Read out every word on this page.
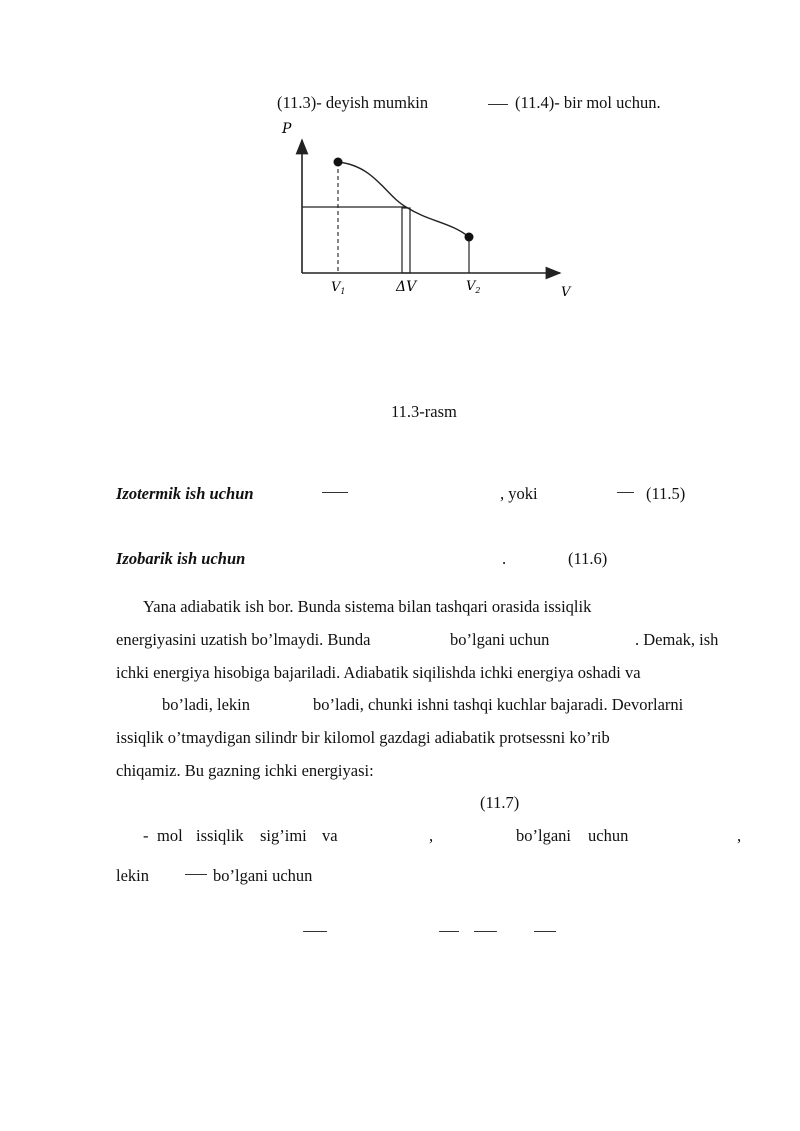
(11.3)- deyish mumkin	(11.4)- bir mol uchun.
P
V
$V_1$	ΔV	$V_2$
11.3-rasm
Izotermik ish uchun	, yoki	(11.5)
Izobarik ish uchun	.	(11.6)
Yana adiabatik ish bor. Bunda sistema bilan tashqari orasida issiqlik
energiyasini uzatish bo’lmaydi. Bunda	bo’lgani uchun	. Demak, ish
ichki energiya hisobiga bajariladi. Adiabatik siqilishda ichki energiya oshadi va
bo’ladi, lekin	bo’ladi, chunki ishni tashqi kuchlar bajaradi. Devorlarni
issiqlik o’tmaydigan silindr bir kilomol gazdagi adiabatik protsessni ko’rib
chiqamiz. Bu gazning ichki energiyasi:
(11.7)
- mol issiqlik sig’imi va	,	bo’lgani uchun	,
lekin	bo’lgani uchun
